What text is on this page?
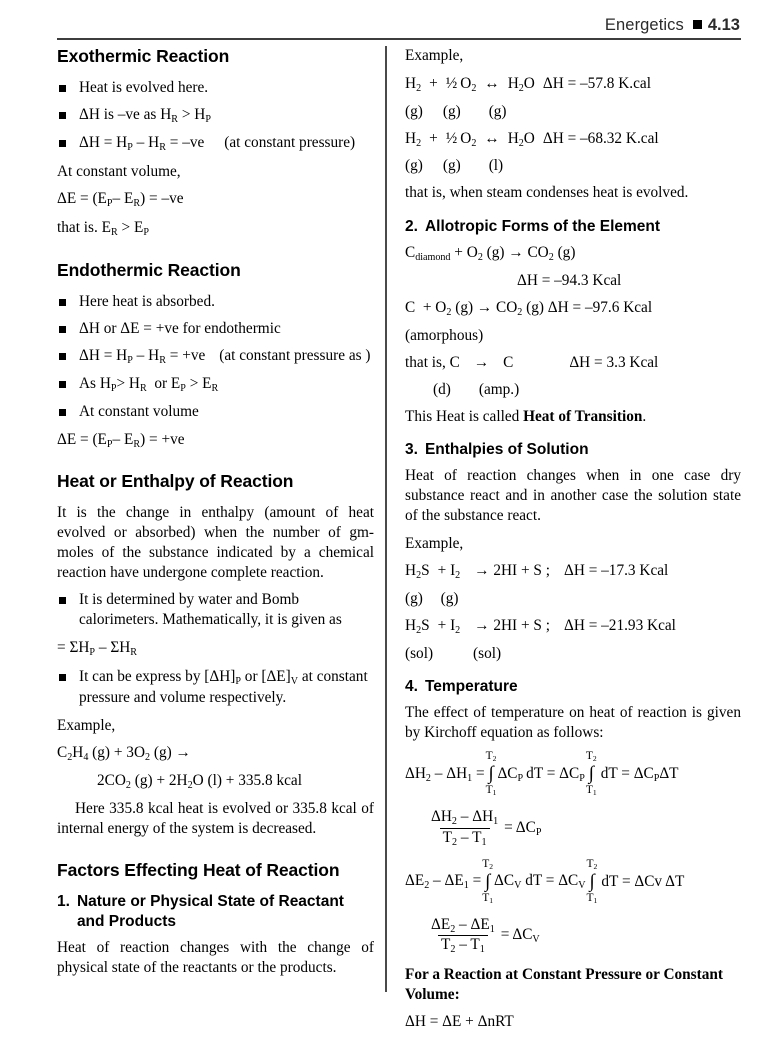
Energetics 4.13
Exothermic Reaction
Heat is evolved here.
ΔH is –ve as $H_R > H_P$
$\Delta H = H_P - H_R = -ve$ (at constant pressure)

At constant volume,

$\Delta E = (E_P-$ $E_R) = -ve$

that is. $E_R > E_P$

Endothermic Reaction
Here heat is absorbed.
ΔH or ΔE = +ve for endothermic
$\Delta H = H_P - H_R = +ve$ (at constant pressure as )
As $H_P> H_R$  or $E_P > E_R$
At constant volume

$\Delta E = (E_P-$ $E_R) = +ve$

Heat or Enthalpy of Reaction

It is the change in enthalpy (amount of heat evolved or absorbed) when the number of gm-moles of the substance indicated by a chemical reaction have undergone complete reaction.

It is determined by water and Bomb calorimeters. Mathematically, it is given as

= $\Sigma H_P - \Sigma H_R$

It can be express by $[\Delta H]_P$ or $[\Delta E]_V$ at constant pressure and volume respectively.

Example,

$C_2H_4$ $(g) + 3O_2$ (g) →

$2CO_2$ $(g) + 2H_2O$ (l) + 335.8 kcal

Here 335.8 kcal heat is evolved or 335.8 kcal of internal energy of the system is decreased.

Factors Effecting Heat of Reaction
1. Nature or Physical State of Reactant and Products

Heat of reaction changes with the change of physical state of the reactants or the products.

Example,

$H_2$ + ½ $O_2$ ↔ $H_2O$ ΔH = –57.8 K.cal

(g) (g) (g)

$H_2$ + ½ $O_2$ ↔ $H_2O$ ΔH = –68.32 K.cal

(g) (g) (l)

that is, when steam condenses heat is evolved.

2. Allotropic Forms of the Element

$C_{diamond} + O_2$ $(g) \to CO_2$ (g)

ΔH = –94.3 Kcal

$C + O_2$ $(g) \to CO_2$ (g) ΔH = –97.6 Kcal

(amorphous)

that is, C → C	ΔH = 3.3 Kcal

(d) (amp.)

This Heat is called Heat of Transition.

3. Enthalpies of Solution

Heat of reaction changes when in one case dry substance react and in another case the solution state of the substance react.

Example,

$H_2S + I_2 \to 2HI + S$ ; ΔH = –17.3 Kcal

(g) (g)

$H_2S + I_2 \to 2HI + S$ ; ΔH = –21.93 Kcal

(sol)	(sol)

4. Temperature

The effect of temperature on heat of reaction is given by Kirchoff equation as follows:

$\Delta H_2 - \Delta H_1$ =
$T_2$
∫
$T_1$
$\Delta C_P$ dT = $\Delta C_P$
$T_2$
∫
$T_1$
 dT = $\Delta C_P\Delta T$
$\frac{\Delta H_2 - \Delta H_1}{T_2 - T_1} = \Delta C_P$
$\Delta E_2 - \Delta E_1$ =
$T_2$
∫
$T_1$
$\Delta C_V$ dT = $\Delta C_V$
$T_2$
∫
$T_1$
 dT = ΔCv ΔT
$\frac{\Delta E_2 - \Delta E_1}{T_2 - T_1} = \Delta C_V$

For a Reaction at Constant Pressure or Constant Volume:

ΔH = ΔE + ΔnRT
